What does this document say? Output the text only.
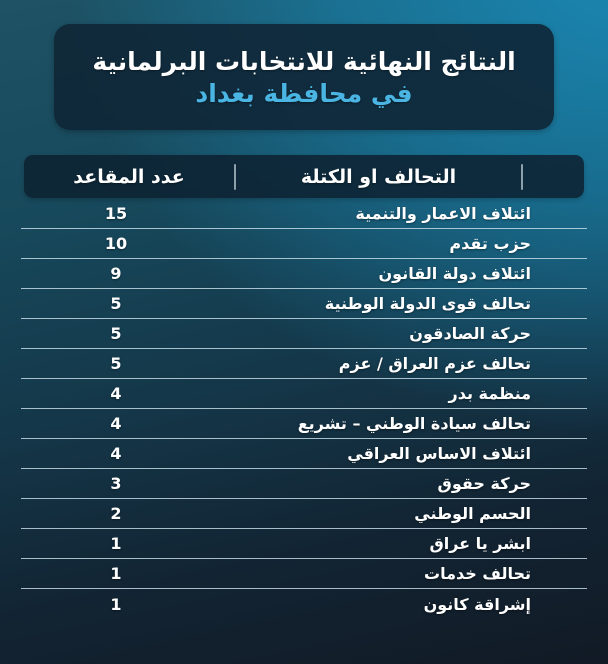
النتائج النهائية للانتخابات البرلمانية
في محافظة بغداد
التحالف او الكتلة
عدد المقاعد
ائتلاف الاعمار والتنمية
15
حزب تقدم
10
ائتلاف دولة القانون
9
تحالف قوى الدولة الوطنية
5
حركة الصادقون
5
تحالف عزم العراق / عزم
5
منظمة بدر
4
تحالف سيادة الوطني – تشريع
4
ائتلاف الاساس العراقي
4
حركة حقوق
3
الحسم الوطني
2
ابشر يا عراق
1
تحالف خدمات
1
إشراقة كانون
1
